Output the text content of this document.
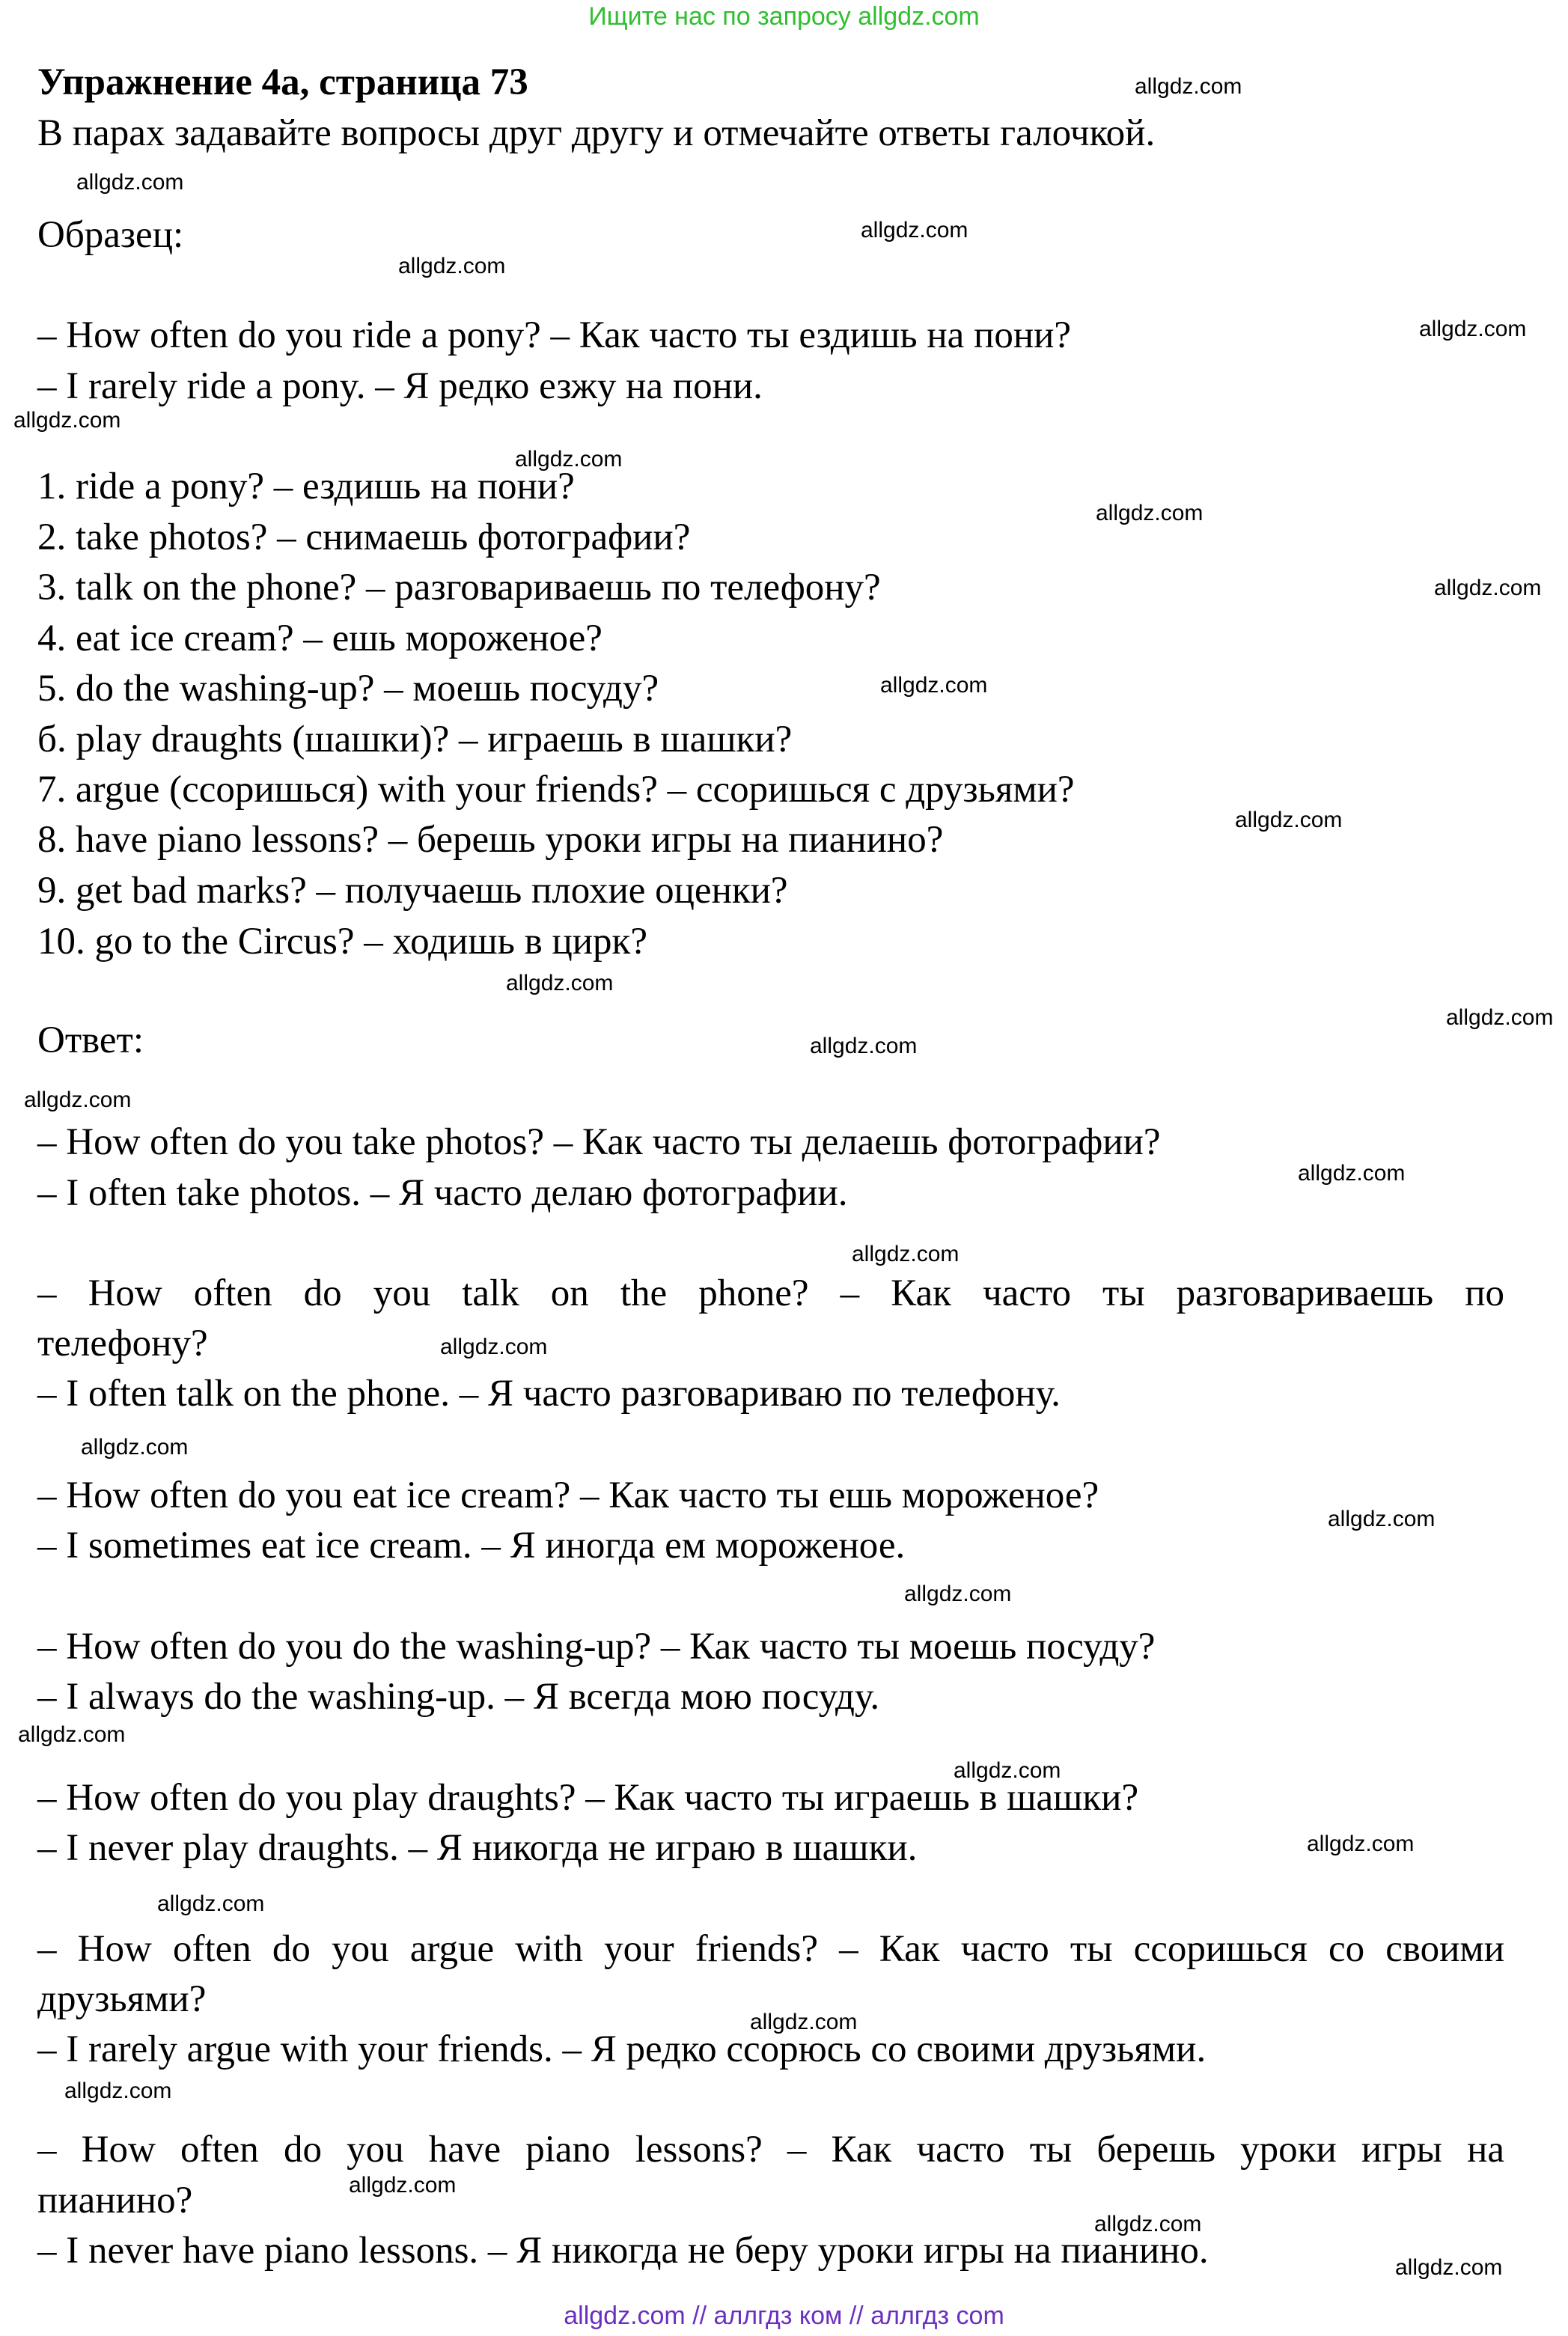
Ищите нас по запросу allgdz.com
Упражнение 4а, страница 73
В парах задавайте вопросы друг другу и отмечайте ответы галочкой.
Образец:
– How often do you ride a pony? – Как часто ты ездишь на пони?
– I rarely ride a pony. – Я редко езжу на пони.
1. ride a pony? – ездишь на пони?
2. take photos? – снимаешь фотографии?
3. talk on the phone? – разговариваешь по телефону?
4. eat ice cream? – ешь мороженое?
5. do the washing-up? – моешь посуду?
б. play draughts (шашки)? – играешь в шашки?
7. argue (ссоришься) with your friends? – ссоришься с друзьями?
8. have piano lessons? – берешь уроки игры на пианино?
9. get bad marks? – получаешь плохие оценки?
10. go to the Circus? – ходишь в цирк?
Ответ:
– How often do you take photos? – Как часто ты делаешь фотографии?
– I often take photos. – Я часто делаю фотографии.
– How often do you talk on the phone? – Как часто ты разговариваешь по
телефону?
– I often talk on the phone. – Я часто разговариваю по телефону.
– How often do you eat ice cream? – Как часто ты ешь мороженое?
– I sometimes eat ice cream. – Я иногда ем мороженое.
– How often do you do the washing-up? – Как часто ты моешь посуду?
– I always do the washing-up. – Я всегда мою посуду.
– How often do you play draughts? – Как часто ты играешь в шашки?
– I never play draughts. – Я никогда не играю в шашки.
– How often do you argue with your friends? – Как часто ты ссоришься со своими
друзьями?
– I rarely argue with your friends. – Я редко ссорюсь со своими друзьями.
– How often do you have piano lessons? – Как часто ты берешь уроки игры на
пианино?
– I never have piano lessons. – Я никогда не беру уроки игры на пианино.
allgdz.com
allgdz.com
allgdz.com
allgdz.com
allgdz.com
allgdz.com
allgdz.com
allgdz.com
allgdz.com
allgdz.com
allgdz.com
allgdz.com
allgdz.com
allgdz.com
allgdz.com
allgdz.com
allgdz.com
allgdz.com
allgdz.com
allgdz.com
allgdz.com
allgdz.com
allgdz.com
allgdz.com
allgdz.com
allgdz.com
allgdz.com
allgdz.com
allgdz.com
allgdz.com
allgdz.com // аллгдз ком // аллгдз com
